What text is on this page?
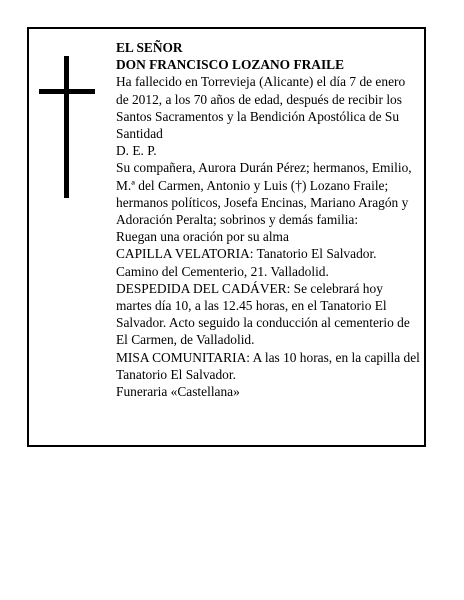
EL SEÑOR

DON FRANCISCO LOZANO FRAILE

Ha fallecido en Torrevieja (Alicante) el día 7 de enero de 2012, a los 70 años de edad, después de recibir los Santos Sacramentos y la Bendición Apostólica de Su Santidad

D. E. P.

Su compañera, Aurora Durán Pérez; hermanos, Emilio, M.ª del Carmen, Antonio y Luis (†) Lozano Fraile; hermanos políticos, Josefa Encinas, Mariano Aragón y Adoración Peralta; sobrinos y demás familia:

Ruegan una oración por su alma

CAPILLA VELATORIA: Tanatorio El Salvador. Camino del Cementerio, 21. Valladolid.

DESPEDIDA DEL CADÁVER: Se celebrará hoy martes día 10, a las 12.45 horas, en el Tanatorio El Salvador. Acto seguido la conducción al cementerio de El Carmen, de Valladolid.

MISA COMUNITARIA: A las 10 horas, en la capilla del Tanatorio El Salvador.

Funeraria «Castellana»
